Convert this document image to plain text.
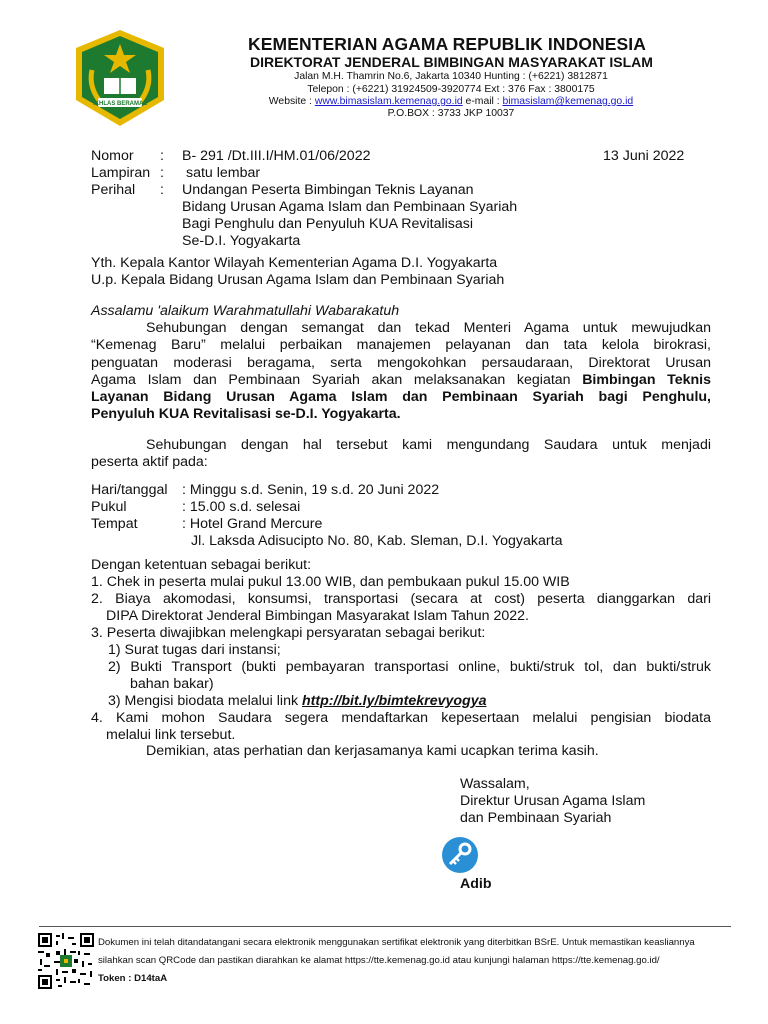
IKHLAS BERAMAL
KEMENTERIAN AGAMA REPUBLIK INDONESIA
DIREKTORAT JENDERAL BIMBINGAN MASYARAKAT ISLAM
Jalan M.H. Thamrin No.6, Jakarta 10340 Hunting : (+6221) 3812871
Telepon : (+6221) 31924509-3920774 Ext : 376 Fax : 3800175
Website : www.bimasislam.kemenag.go.id e-mail : bimasislam@kemenag.go.id
P.O.BOX : 3733 JKP 10037
Nomor : B- 291 /Dt.III.I/HM.01/06/2022	13 Juni 2022
Lampiran : satu lembar
Perihal : Undangan Peserta Bimbingan Teknis Layanan
Bidang Urusan Agama Islam dan Pembinaan Syariah
Bagi Penghulu dan Penyuluh KUA Revitalisasi
Se-D.I. Yogyakarta
Yth. Kepala Kantor Wilayah Kementerian Agama D.I. Yogyakarta
U.p. Kepala Bidang Urusan Agama Islam dan Pembinaan Syariah
Assalamu 'alaikum Warahmatullahi Wabarakatuh
Sehubungan dengan semangat dan tekad Menteri Agama untuk mewujudkan
“Kemenag Baru” melalui perbaikan manajemen pelayanan dan tata kelola birokrasi,
penguatan moderasi beragama, serta mengokohkan persaudaraan, Direktorat Urusan
Agama Islam dan Pembinaan Syariah akan melaksanakan kegiatan Bimbingan Teknis
Layanan Bidang Urusan Agama Islam dan Pembinaan Syariah bagi Penghulu,
Penyuluh KUA Revitalisasi se-D.I. Yogyakarta.
Sehubungan dengan hal tersebut kami mengundang Saudara untuk menjadi
peserta aktif pada:
Hari/tanggal : Minggu s.d. Senin, 19 s.d. 20 Juni 2022
Pukul	: 15.00 s.d. selesai
Tempat	: Hotel Grand Mercure
Jl. Laksda Adisucipto No. 80, Kab. Sleman, D.I. Yogyakarta
Dengan ketentuan sebagai berikut:
1. Chek in peserta mulai pukul 13.00 WIB, dan pembukaan pukul 15.00 WIB
2. Biaya akomodasi, konsumsi, transportasi (secara at cost) peserta dianggarkan dari
DIPA Direktorat Jenderal Bimbingan Masyarakat Islam Tahun 2022.
3. Peserta diwajibkan melengkapi persyaratan sebagai berikut:
1) Surat tugas dari instansi;
2) Bukti Transport (bukti pembayaran transportasi online, bukti/struk tol, dan bukti/struk
bahan bakar)
3) Mengisi biodata melalui link http://bit.ly/bimtekrevyogya
4. Kami mohon Saudara segera mendaftarkan kepesertaan melalui pengisian biodata
melalui link tersebut.
Demikian, atas perhatian dan kerjasamanya kami ucapkan terima kasih.
Wassalam,
Direktur Urusan Agama Islam
dan Pembinaan Syariah
Adib
Dokumen ini telah ditandatangani secara elektronik menggunakan sertifikat elektronik yang diterbitkan BSrE. Untuk memastikan keasliannya
silahkan scan QRCode dan pastikan diarahkan ke alamat https://tte.kemenag.go.id atau kunjungi halaman https://tte.kemenag.go.id/
Token : D14taA
